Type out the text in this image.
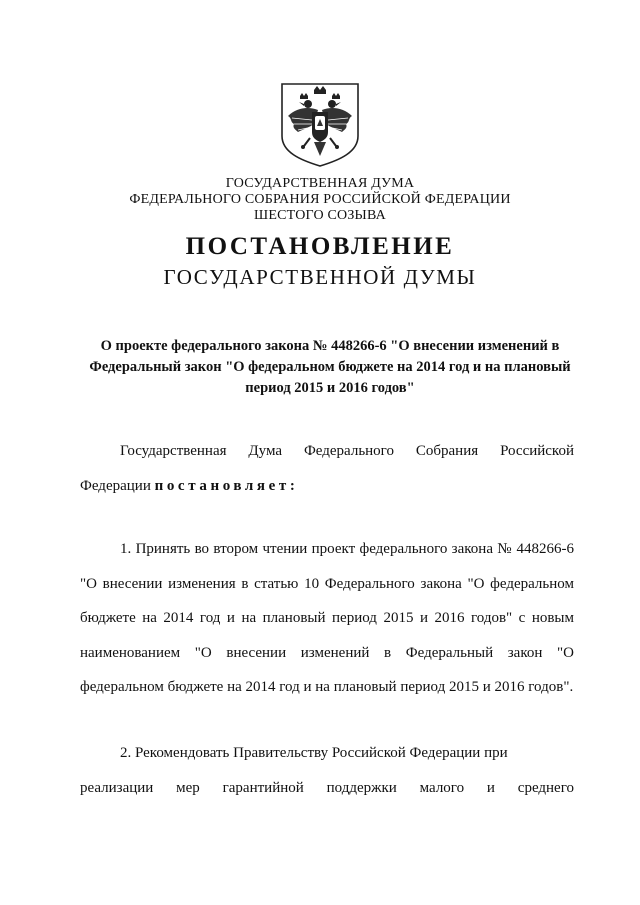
ГОСУДАРСТВЕННАЯ ДУМА
ФЕДЕРАЛЬНОГО СОБРАНИЯ РОССИЙСКОЙ ФЕДЕРАЦИИ
ШЕСТОГО СОЗЫВА
ПОСТАНОВЛЕНИЕ
ГОСУДАРСТВЕННОЙ ДУМЫ
О проекте федерального закона № 448266-6 "О внесении изменений в Федеральный закон "О федеральном бюджете на 2014 год и на плановый период 2015 и 2016 годов"
Государственная Дума Федерального Собрания Российской Федерации постановляет:
1. Принять во втором чтении проект федерального закона № 448266-6 "О внесении изменения в статью 10 Федерального закона "О федеральном бюджете на 2014 год и на плановый период 2015 и 2016 годов" с новым наименованием "О внесении изменений в Федеральный закон "О федеральном бюджете на 2014 год и на плановый период 2015 и 2016 годов".
2. Рекомендовать Правительству Российской Федерации при
реализации мер гарантийной поддержки малого и среднего
